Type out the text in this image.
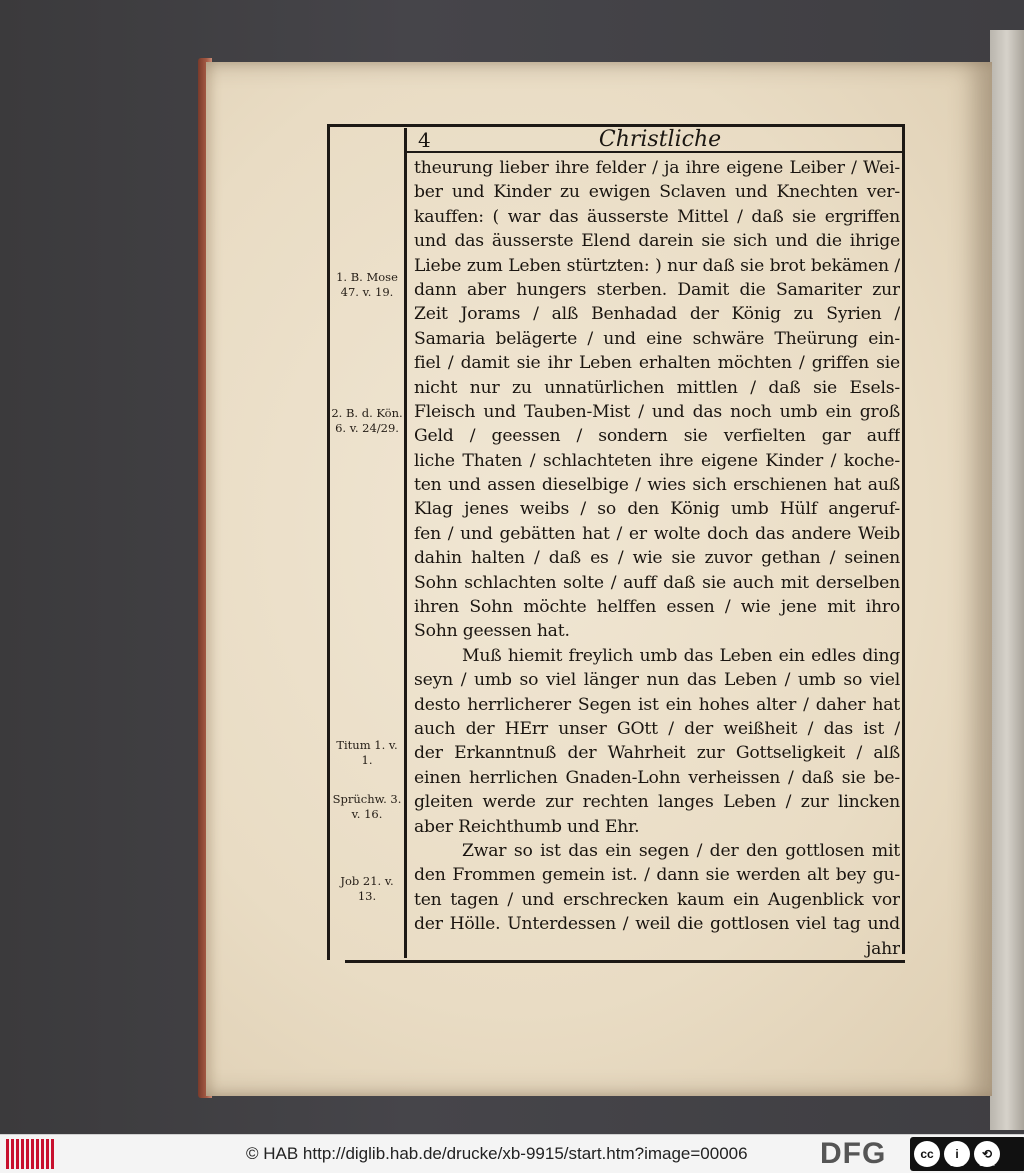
4	Christliche
theurung lieber ihre felder / ja ihre eigene Leiber / Wei-
ber und Kinder zu ewigen Sclaven und Knechten ver-
kauffen: ( war das äusserste Mittel / daß sie ergriffen
und das äusserste Elend darein sie sich und die ihrige
Liebe zum Leben stürtzten: ) nur daß sie brot bekämen /
dann aber hungers sterben. Damit die Samariter zur
Zeit Jorams / alß Benhadad der König zu Syrien /
Samaria belägerte / und eine schwäre Theürung ein-
fiel / damit sie ihr Leben erhalten möchten / griffen sie
nicht nur zu unnatürlichen mittlen / daß sie Esels-
Fleisch und Tauben-Mist / und das noch umb ein groß
Geld / geessen / sondern sie verfielten gar auff
liche Thaten / schlachteten ihre eigene Kinder / koche-
ten und assen dieselbige / wies sich erschienen hat auß
Klag jenes weibs / so den König umb Hülf angeruf-
fen / und gebätten hat / er wolte doch das andere Weib
dahin halten / daß es / wie sie zuvor gethan / seinen
Sohn schlachten solte / auff daß sie auch mit derselben
ihren Sohn möchte helffen essen / wie jene mit ihro
Sohn geessen hat.
Muß hiemit freylich umb das Leben ein edles ding
seyn / umb so viel länger nun das Leben / umb so viel
desto herrlicherer Segen ist ein hohes alter / daher hat
auch der HErr unser GOtt / der weißheit / das ist /
der Erkanntnuß der Wahrheit zur Gottseligkeit / alß
einen herrlichen Gnaden-Lohn verheissen / daß sie be-
gleiten werde zur rechten langes Leben / zur lincken
aber Reichthumb und Ehr.
Zwar so ist das ein segen / der den gottlosen mit
den Frommen gemein ist. / dann sie werden alt bey gu-
ten tagen / und erschrecken kaum ein Augenblick vor
der Hölle. Unterdessen / weil die gottlosen viel tag und
jahr
1. B. Mose
47. v. 19.
2. B. d. Kön.
6. v. 24/29.
Titum 1. v. 1.
Sprüchw. 3.
v. 16.
Job 21. v. 13.
© HAB http://diglib.hab.de/drucke/xb-9915/start.htm?image=00006 DFG	cc	i	⟲
BY SA
